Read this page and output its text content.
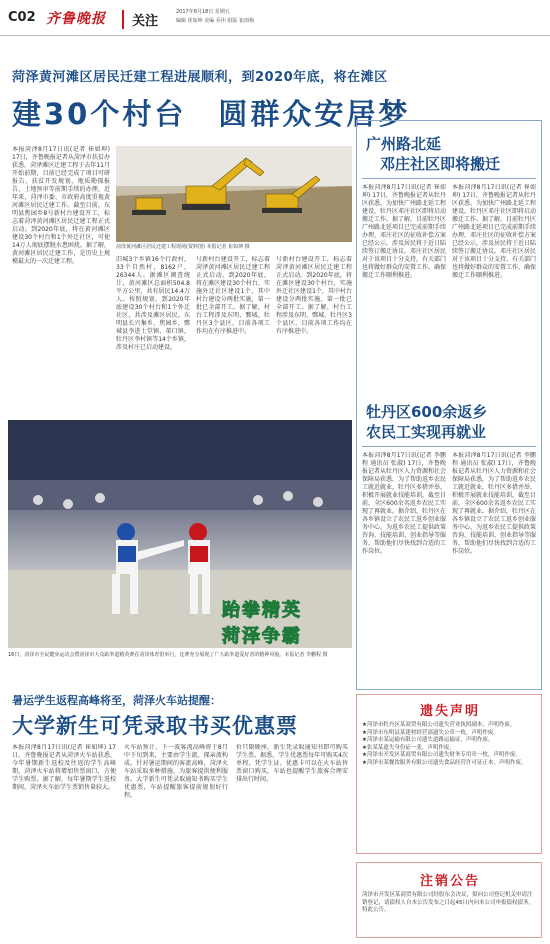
C02 齐鲁晚报	关注
2017年8月18日 星期五
编辑 崔如坤 美编 乔伟 组版 崔雨梅
菏泽黄河滩区居民迁建工程进展顺利，到2020年底，将在滩区
建30个村台　圆群众安居梦
本报菏泽8月17日讯(记者 崔如坤) 17日，齐鲁晚报记者从菏泽市扶贫办获悉，菏泽滩区迁建工程于去年11月开始前期，目前已经完成了项目可研报告、扶贫开发规划、地质勘探报告、土地预审等前期手续的办理。近年来，菏泽市委、市政府高度重视黄河滩区居民迁建工作。截至目前，东明县焦园乡8号新村台建设开工，标志着菏泽黄河滩区居民迁建工程正式启动。到2020年底，将在黄河滩区建设30个村台和1个外迁社区，可使14万人彻底摆脱水患困扰。据了解，黄河滩区居民迁建工作，是历史上规模最大的一次迁建工程。
菏泽黄河滩区居民迁建工程现场(资料图) 本报记者 崔如坤 摄
旧城3个乡镇16个行政村，33个自然村，8162户，26344人。据滩区调查统计，黄河滩区总面积504.8平方公里，共有居民14.4万人。按照规划，到2020年底建设30个村台和1个外迁社区，共涉及滩区居民。东明县长兴集乡、焦园乡，鄄城县李进士堂镇、董口镇，牡丹区李村镇等14个乡镇，涉及村庄已启动建设。
号新村台建设开工，标志着菏泽黄河滩区居民迁建工程正式启动。到2020年底，将在滩区建设30个村台，实施外迁社区建设1个，其中村台建设分两批实施，第一批已全部开工。据了解，村台工程涉及东明、鄄城、牡丹区3个县区，目前各项工作均在有序推进中。
号新村台建设开工，标志着菏泽黄河滩区居民迁建工程正式启动。到2020年底，将在滩区建设30个村台，实施外迁社区建设1个，其中村台建设分两批实施，第一批已全部开工。据了解，村台工程涉及东明、鄄城、牡丹区3个县区，目前各项工作均在有序推进中。
广州路北延
邓庄社区即将搬迁
本报菏泽8月17日讯(记者 崔如坤) 17日，齐鲁晚报记者从牡丹区获悉，为加快广州路北延工程建设，牡丹区邓庄社区即将启动搬迁工作。据了解，目前牡丹区广州路北延项目已完成前期手续办理，邓庄社区的征收补偿方案已经公示，涉及居民将于近日陆续签订搬迁协议。邓庄社区居民对于该项目十分支持，有关部门也将做好群众的安置工作，确保搬迁工作顺利推进。
本报菏泽8月17日讯(记者 崔如坤) 17日，齐鲁晚报记者从牡丹区获悉，为加快广州路北延工程建设，牡丹区邓庄社区即将启动搬迁工作。据了解，目前牡丹区广州路北延项目已完成前期手续办理，邓庄社区的征收补偿方案已经公示，涉及居民将于近日陆续签订搬迁协议。邓庄社区居民对于该项目十分支持，有关部门也将做好群众的安置工作，确保搬迁工作顺利推进。
牡丹区600余返乡
农民工实现再就业
本报菏泽8月17日讯(记者 李鹏程 通讯员 张淑) 17日，齐鲁晚报记者从牡丹区人力资源和社会保障局获悉，为了帮助返乡农民工就近就业，牡丹区多措并举，积极开展就业技能培训，截至目前，全区600余名返乡农民工实现了再就业。据介绍，牡丹区在各乡镇设立了农民工返乡创业服务中心，为返乡农民工提供政策咨询、技能培训、创业指导等服务，帮助他们尽快找到合适的工作岗位。
本报菏泽8月17日讯(记者 李鹏程 通讯员 张淑) 17日，齐鲁晚报记者从牡丹区人力资源和社会保障局获悉，为了帮助返乡农民工就近就业，牡丹区多措并举，积极开展就业技能培训，截至目前，全区600余名返乡农民工实现了再就业。据介绍，牡丹区在各乡镇设立了农民工返乡创业服务中心，为返乡农民工提供政策咨询、技能培训、创业指导等服务，帮助他们尽快找到合适的工作岗位。
跆拳精英
菏泽争霸
16日，菏泽市全民健身运动会暨菏泽市大众跆拳道精英赛在菏泽体育馆举行，比赛充分展现了广大跆拳道爱好者的精神风貌。本报记者 李鹏程 摄
暑运学生返程高峰将至，菏泽火车站提醒：
大学新生可凭录取书买优惠票
本报菏泽8月17日讯(记者 崔如坤) 17日，齐鲁晚报记者从菏泽火车站获悉，今年暑期新生返校及往返的学生高峰期，菏泽火车站将增加售票窗口，方便学生购票。据了解，每年暑期学生返校期间，菏泽火车站学生票销售量较大。
火车站预计，下一波客流高峰将于8月中下旬到来，主要由学生流、探亲流构成。针对暑运期间的客流高峰，菏泽火车站采取多种措施，为旅客提供便利服务。大学新生可凭录取通知书购买学生优惠票，车站提醒旅客提前规划好行程。
价只限硬座，新生凭录取通知书即可购买学生票。据悉，学生优惠票每年可购买4次单程，凭学生证、优惠卡可以在火车站售票窗口购买，车站也提醒学生旅客合理安排出行时间。
遗失声明
★菏泽市牡丹区某商贸有限公司遗失营业执照副本，声明作废。
★菏泽市东明县某建材经营部遗失公章一枚，声明作废。
★菏泽市某运输有限公司遗失道路运输证，声明作废。
★张某某遗失身份证一张，声明作废。
★菏泽市开发区某商贸有限公司遗失财务专用章一枚，声明作废。
★菏泽市某餐饮服务有限公司遗失食品经营许可证正本，声明作废。
注销公告
菏泽市开发区某商贸有限公司经股东会决议，拟向公司登记机关申请注销登记，请债权人自本公告发布之日起45日内向本公司申报债权债务，特此公告。
